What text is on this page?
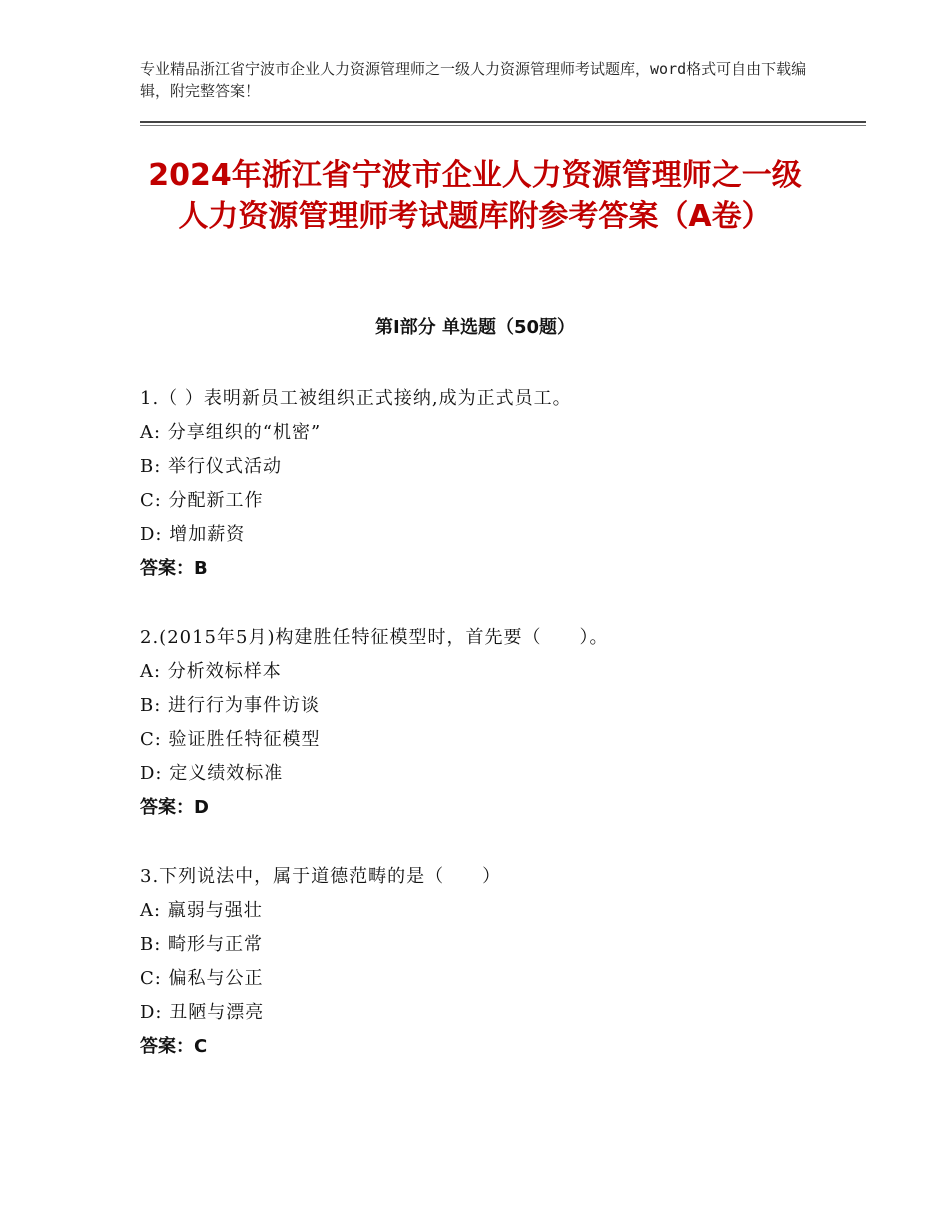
专业精品浙江省宁波市企业人力资源管理师之一级人力资源管理师考试题库，word格式可自由下载编辑，附完整答案！
2024年浙江省宁波市企业人力资源管理师之一级人力资源管理师考试题库附参考答案（A卷）
第Ⅰ部分 单选题（50题）
1.（ ）表明新员工被组织正式接纳,成为正式员工。
A: 分享组织的“机密”
B: 举行仪式活动
C: 分配新工作
D: 增加薪资
答案：B
2.(2015年5月)构建胜任特征模型时，首先要（　　）。
A: 分析效标样本
B: 进行行为事件访谈
C: 验证胜任特征模型
D: 定义绩效标准
答案：D
3.下列说法中，属于道德范畴的是（　　）
A: 羸弱与强壮
B: 畸形与正常
C: 偏私与公正
D: 丑陋与漂亮
答案：C
